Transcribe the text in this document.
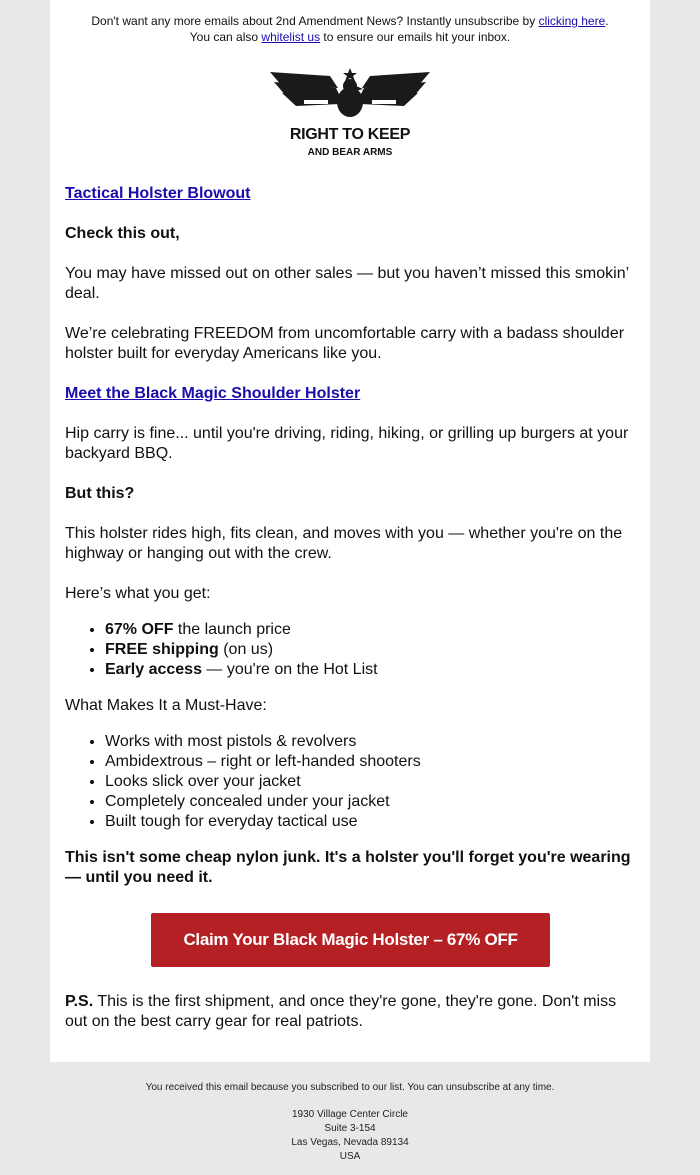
Don't want any more emails about 2nd Amendment News? Instantly unsubscribe by clicking here.
You can also whitelist us to ensure our emails hit your inbox.
RIGHT TO KEEP
AND BEAR ARMS
Tactical Holster Blowout
Check this out,
You may have missed out on other sales — but you haven’t missed this smokin’ deal.
We’re celebrating FREEDOM from uncomfortable carry with a badass shoulder holster built for everyday Americans like you.
Meet the Black Magic Shoulder Holster
Hip carry is fine... until you're driving, riding, hiking, or grilling up burgers at your backyard BBQ.
But this?
This holster rides high, fits clean, and moves with you — whether you're on the highway or hanging out with the crew.
Here’s what you get:
• 67% OFF the launch price
• FREE shipping (on us)
• Early access — you're on the Hot List
What Makes It a Must-Have:
• Works with most pistols & revolvers
• Ambidextrous – right or left-handed shooters
• Looks slick over your jacket
• Completely concealed under your jacket
• Built tough for everyday tactical use
This isn't some cheap nylon junk. It's a holster you'll forget you're wearing — until you need it.
Claim Your Black Magic Holster – 67% OFF
P.S. This is the first shipment, and once they're gone, they're gone. Don't miss out on the best carry gear for real patriots.
You received this email because you subscribed to our list. You can unsubscribe at any time.
1930 Village Center Circle
Suite 3-154
Las Vegas, Nevada 89134
USA
